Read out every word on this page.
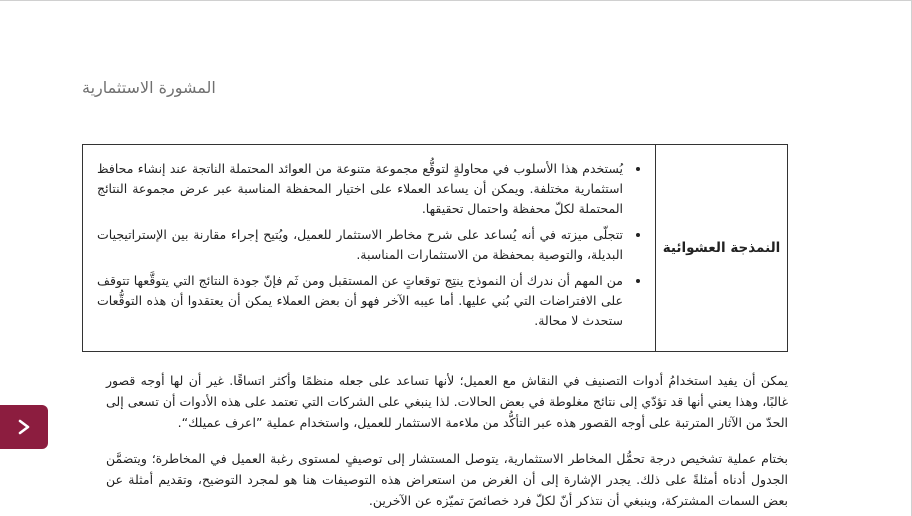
المشورة الاستثمارية
النمذجة العشوائية
• يُستخدم هذا الأسلوب في محاولةٍ لتوقُّع مجموعة متنوعة من العوائد المحتملة الناتجة عند إنشاء محافظ استثمارية مختلفة. ويمكن أن يساعد العملاء على اختيار المحفظة المناسبة عبر عرض مجموعة النتائج المحتملة لكلّ محفظة واحتمال تحقيقها.
• تتجلّى ميزته في أنه يُساعد على شرح مخاطر الاستثمار للعميل، ويُتيح إجراء مقارنة بين الإستراتيجيات البديلة، والتوصية بمحفظة من الاستثمارات المناسبة.
• من المهم أن ندرك أن النموذج ينتِج توقعاتٍ عن المستقبل ومن ثَم فإنّ جودة النتائج التي يتوقَّعها تتوقف على الافتراضات التي بُني عليها. أما عيبه الآخر فهو أن بعض العملاء يمكن أن يعتقدوا أن هذه التوقُّعات ستحدث لا محالة.

يمكن أن يفيد استخدامُ أدوات التصنيف في النقاش مع العميل؛ لأنها تساعد على جعله منظمًا وأكثر اتساقًا. غير أن لها أوجه قصور غالبًا، وهذا يعني أنها قد تؤدّي إلى نتائج مغلوطة في بعض الحالات. لذا ينبغي على الشركات التي تعتمد على هذه الأدوات أن تسعى إلى الحدّ من الآثار المترتبة على أوجه القصور هذه عبر التأكُّد من ملاءمة الاستثمار للعميل، واستخدام عملية ”اعرف عميلك“.

بختام عملية تشخيص درجة تحمُّل المخاطر الاستثمارية، يتوصل المستشار إلى توصيفٍ لمستوى رغبة العميل في المخاطرة؛ ويتضمَّن الجدول أدناه أمثلةً على ذلك. يجدر الإشارة إلى أن الغرض من استعراض هذه التوصيفات هنا هو لمجرد التوضيح، وتقديم أمثلة عن بعض السمات المشتركة، وينبغي أن نتذكر أنّ لكلّ فرد خصائصَ تميّزه عن الآخرين.
